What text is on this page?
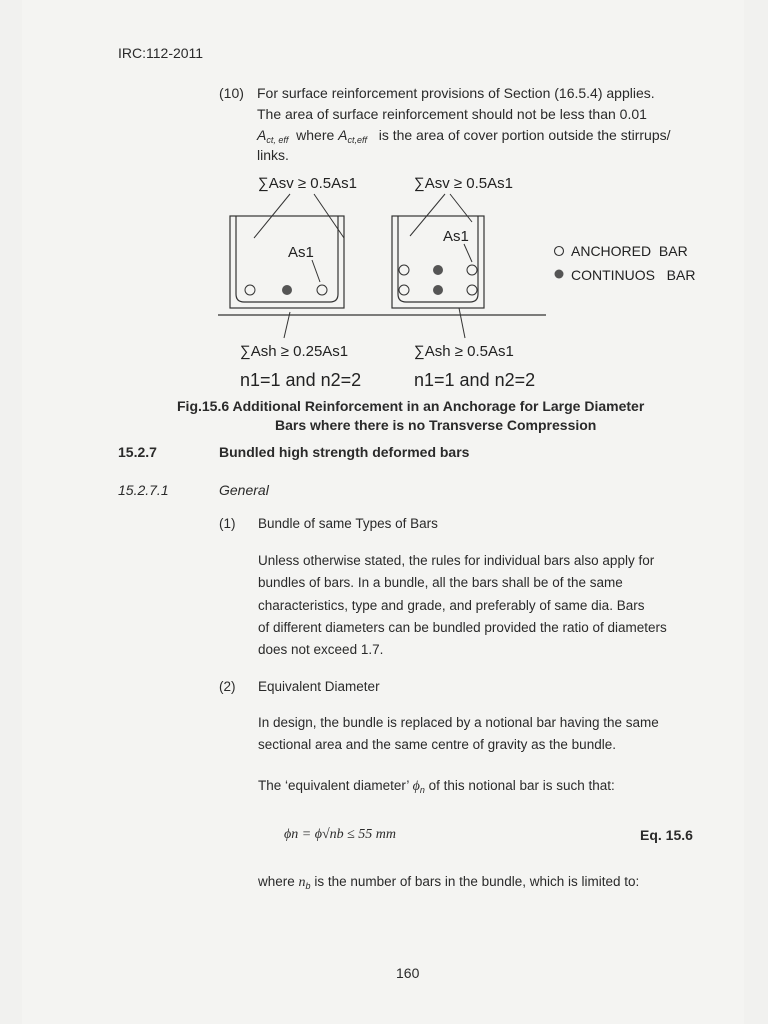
IRC:112-2011
(10) For surface reinforcement provisions of Section (16.5.4) applies.
The area of surface reinforcement should not be less than 0.01
$A_{ct, eff}$ where $A_{ct,eff}$ is the area of cover portion outside the stirrups/
links.
∑Asv ≥ 0.5As1	∑Asv ≥ 0.5As1
As1
As1
ANCHORED  BAR
CONTINUOS   BAR
∑Ash ≥ 0.25As1	∑Ash ≥ 0.5As1
n1=1 and n2=2	n1=1 and n2=2
Fig.15.6 Additional Reinforcement in an Anchorage for Large Diameter
Bars where there is no Transverse Compression
15.2.7	Bundled high strength deformed bars
15.2.7.1	General
(1) Bundle of same Types of Bars
Unless otherwise stated, the rules for individual bars also apply for
bundles of bars. In a bundle, all the bars shall be of the same
characteristics, type and grade, and preferably of same dia. Bars
of different diameters can be bundled provided the ratio of diameters
does not exceed 1.7.
(2) Equivalent Diameter
In design, the bundle is replaced by a notional bar having the same
sectional area and the same centre of gravity as the bundle.
The ‘equivalent diameter’ $\phi_n$ of this notional bar is such that:
ϕn = ϕ√nb ≤ 55 mm	Eq. 15.6
where $n_b$ is the number of bars in the bundle, which is limited to:
160
